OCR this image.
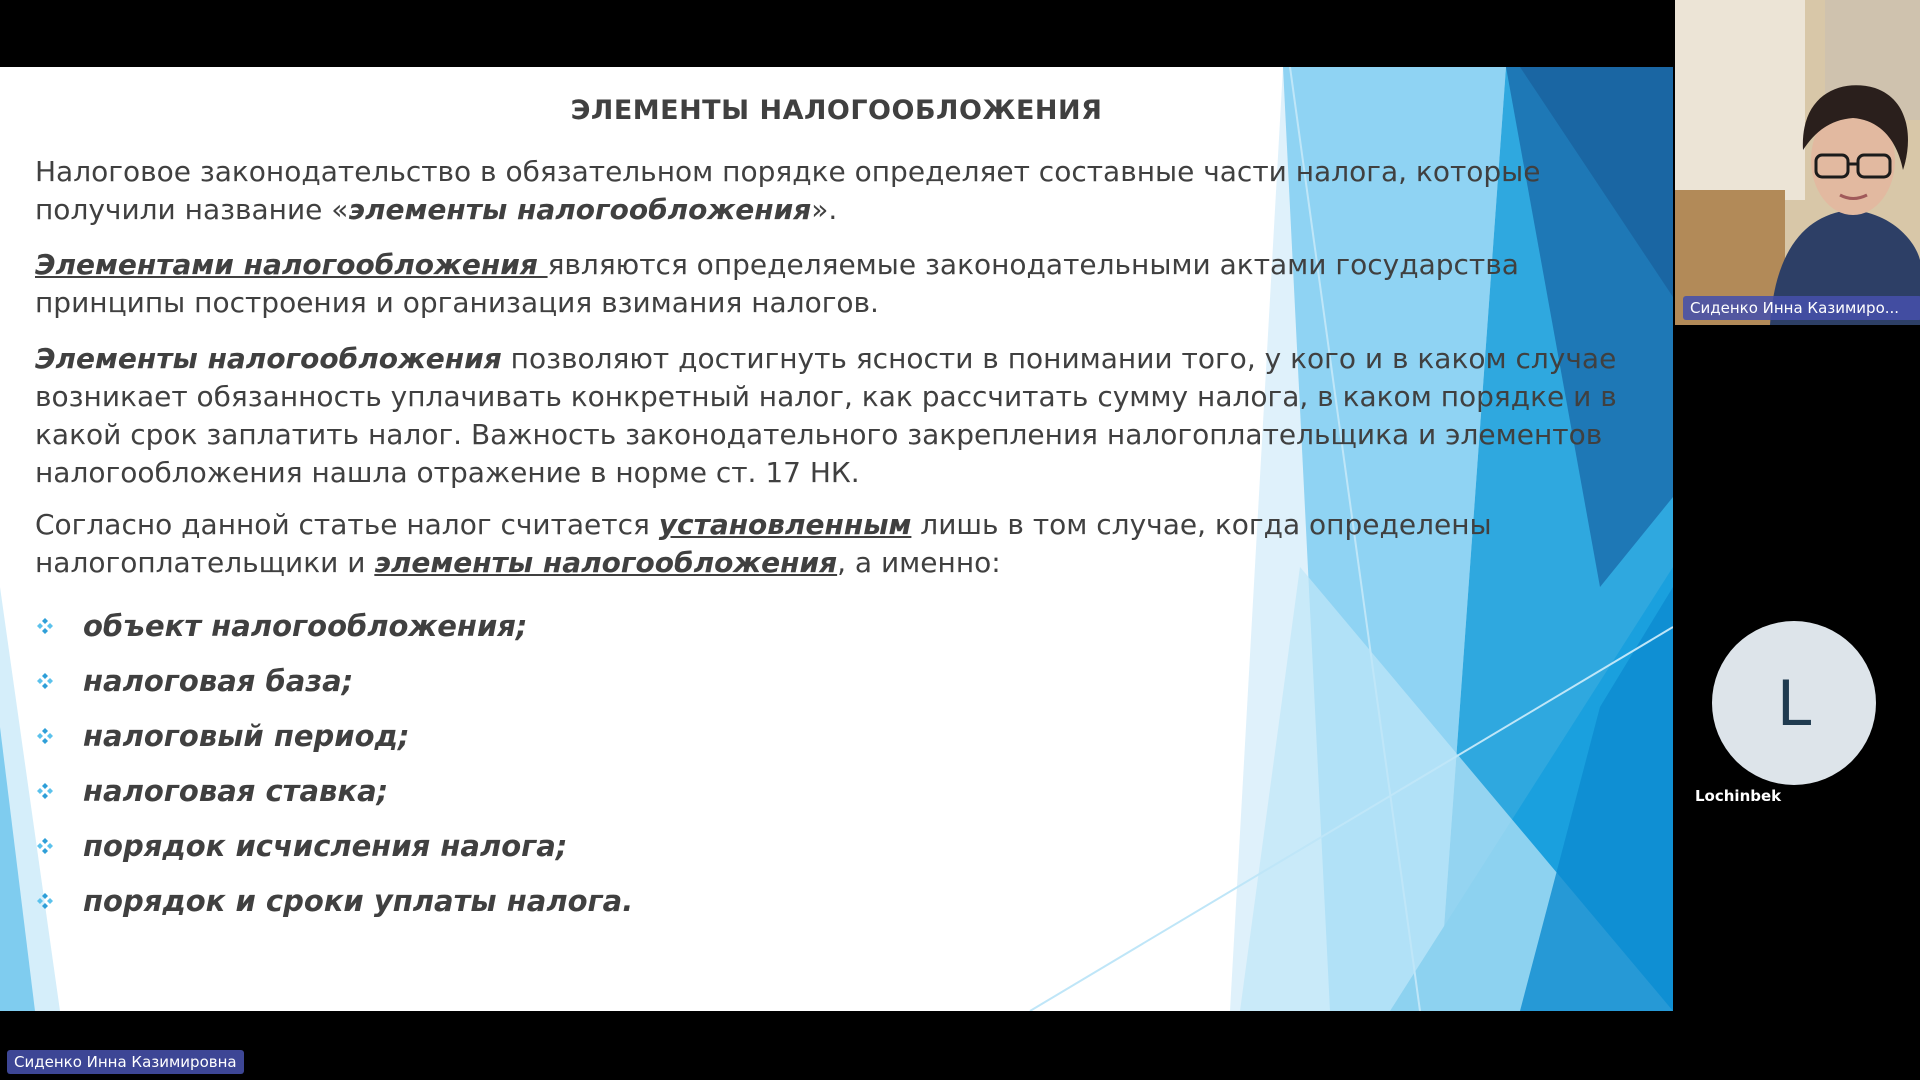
ЭЛЕМЕНТЫ НАЛОГООБЛОЖЕНИЯ
Налоговое законодательство в обязательном порядке определяет составные части налога, которые получили название «элементы налогообложения».
Элементами налогообложения являются определяемые законодательными актами государства принципы построения и организация взимания налогов.
Элементы налогообложения позволяют достигнуть ясности в понимании того, у кого и в каком случае возникает обязанность уплачивать конкретный налог, как рассчитать сумму налога, в каком порядке и в какой срок заплатить налог. Важность законодательного закрепления налогоплательщика и элементов налогообложения нашла отражение в норме ст. 17 НК.
Согласно данной статье налог считается установленным лишь в том случае, когда определены налогоплательщики и элементы налогообложения, а именно:
объект налогообложения;
налоговая база;
налоговый период;
налоговая ставка;
порядок исчисления налога;
порядок и сроки уплаты налога.
Сиденко Инна Казимиро...
L
Lochinbek
Сиденко Инна Казимировна
